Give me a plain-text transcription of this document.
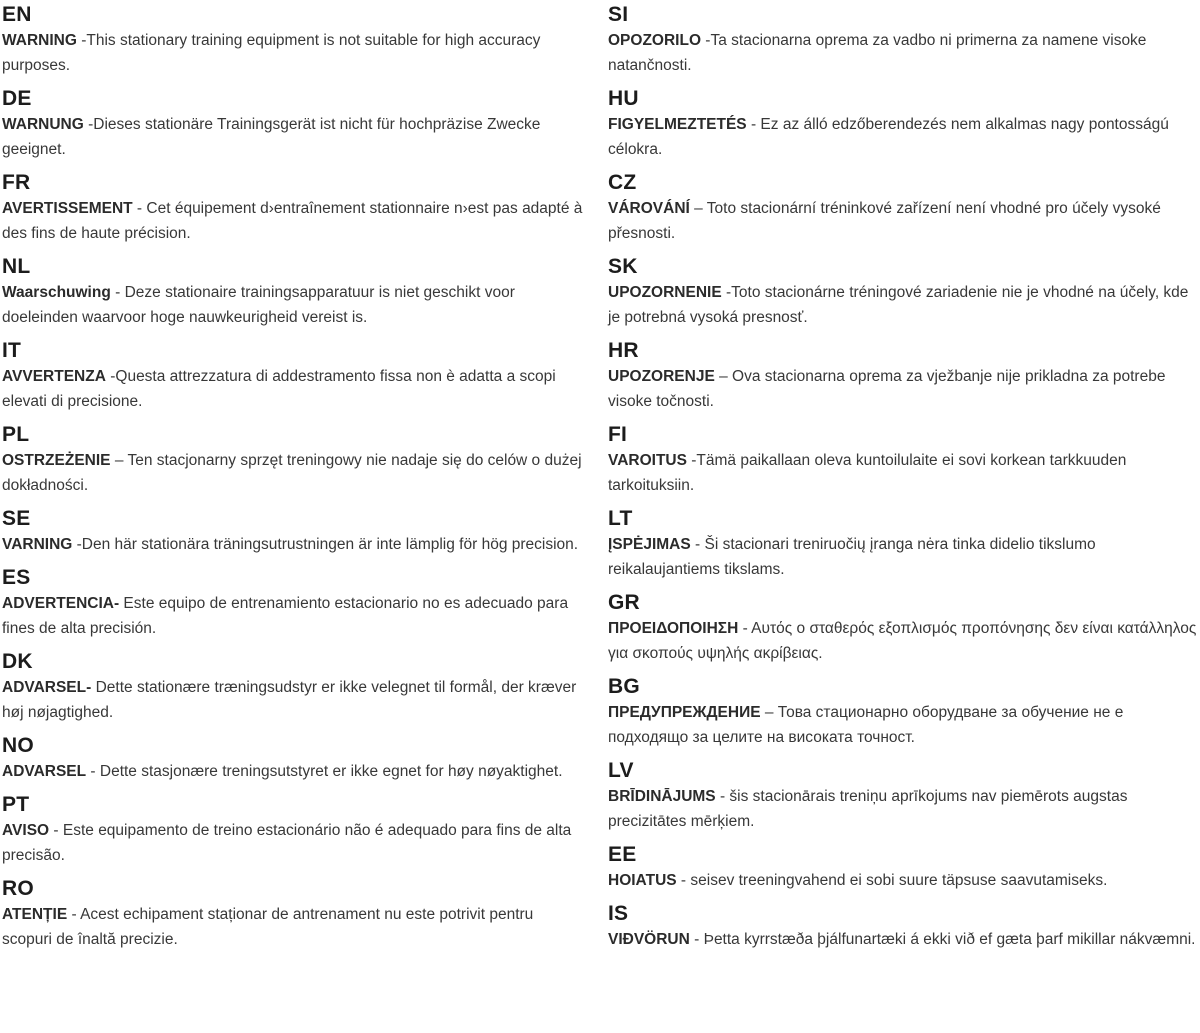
EN
WARNING -This stationary training equipment is not suitable for high accuracy purposes.
DE
WARNUNG -Dieses stationäre Trainingsgerät ist nicht für hochpräzise Zwecke geeignet.
FR
AVERTISSEMENT - Cet équipement d›entraînement stationnaire n›est pas adapté à des fins de haute précision.
NL
Waarschuwing - Deze stationaire trainingsapparatuur is niet geschikt voor doeleinden waarvoor hoge nauwkeurigheid vereist is.
IT
AVVERTENZA -Questa attrezzatura di addestramento fissa non è adatta a scopi elevati di precisione.
PL
OSTRZEŻENIE – Ten stacjonarny sprzęt treningowy nie nadaje się do celów o dużej dokładności.
SE
VARNING -Den här stationära träningsutrustningen är inte lämplig för hög precision.
ES
ADVERTENCIA- Este equipo de entrenamiento estacionario no es adecuado para fines de alta precisión.
DK
ADVARSEL- Dette stationære træningsudstyr er ikke velegnet til formål, der kræver høj nøjagtighed.
NO
ADVARSEL - Dette stasjonære treningsutstyret er ikke egnet for høy nøyaktighet.
PT
AVISO - Este equipamento de treino estacionário não é adequado para fins de alta precisão.
RO
ATENȚIE - Acest echipament staționar de antrenament nu este potrivit pentru scopuri de înaltă precizie.
SI
OPOZORILO -Ta stacionarna oprema za vadbo ni primerna za namene visoke natančnosti.
HU
FIGYELMEZTETÉS - Ez az álló edzőberendezés nem alkalmas nagy pontosságú célokra.
CZ
VÁROVÁNÍ – Toto stacionární tréninkové zařízení není vhodné pro účely vysoké přesnosti.
SK
UPOZORNENIE -Toto stacionárne tréningové zariadenie nie je vhodné na účely, kde je potrebná vysoká presnosť.
HR
UPOZORENJE – Ova stacionarna oprema za vježbanje nije prikladna za potrebe visoke točnosti.
FI
VAROITUS -Tämä paikallaan oleva kuntoilulaite ei sovi korkean tarkkuuden tarkoituksiin.
LT
ĮSPĖJIMAS - Ši stacionari treniruočių įranga nėra tinka didelio tikslumo reikalaujantiems tikslams.
GR
ΠΡΟΕΙΔΟΠΟΙΗΣΗ - Αυτός ο σταθερός εξοπλισμός προπόνησης δεν είναι κατάλληλος για σκοπούς υψηλής ακρίβειας.
BG
ПРЕДУПРЕЖДЕНИЕ – Това стационарно оборудване за обучение не е подходящо за целите на високата точност.
LV
BRĪDINĀJUMS - šis stacionārais treniņu aprīkojums nav piemērots augstas precizitātes mērķiem.
EE
HOIATUS - seisev treeningvahend ei sobi suure täpsuse saavutamiseks.
IS
VIÐVÖRUN - Þetta kyrrstæða þjálfunartæki á ekki við ef gæta þarf mikillar nákvæmni.
